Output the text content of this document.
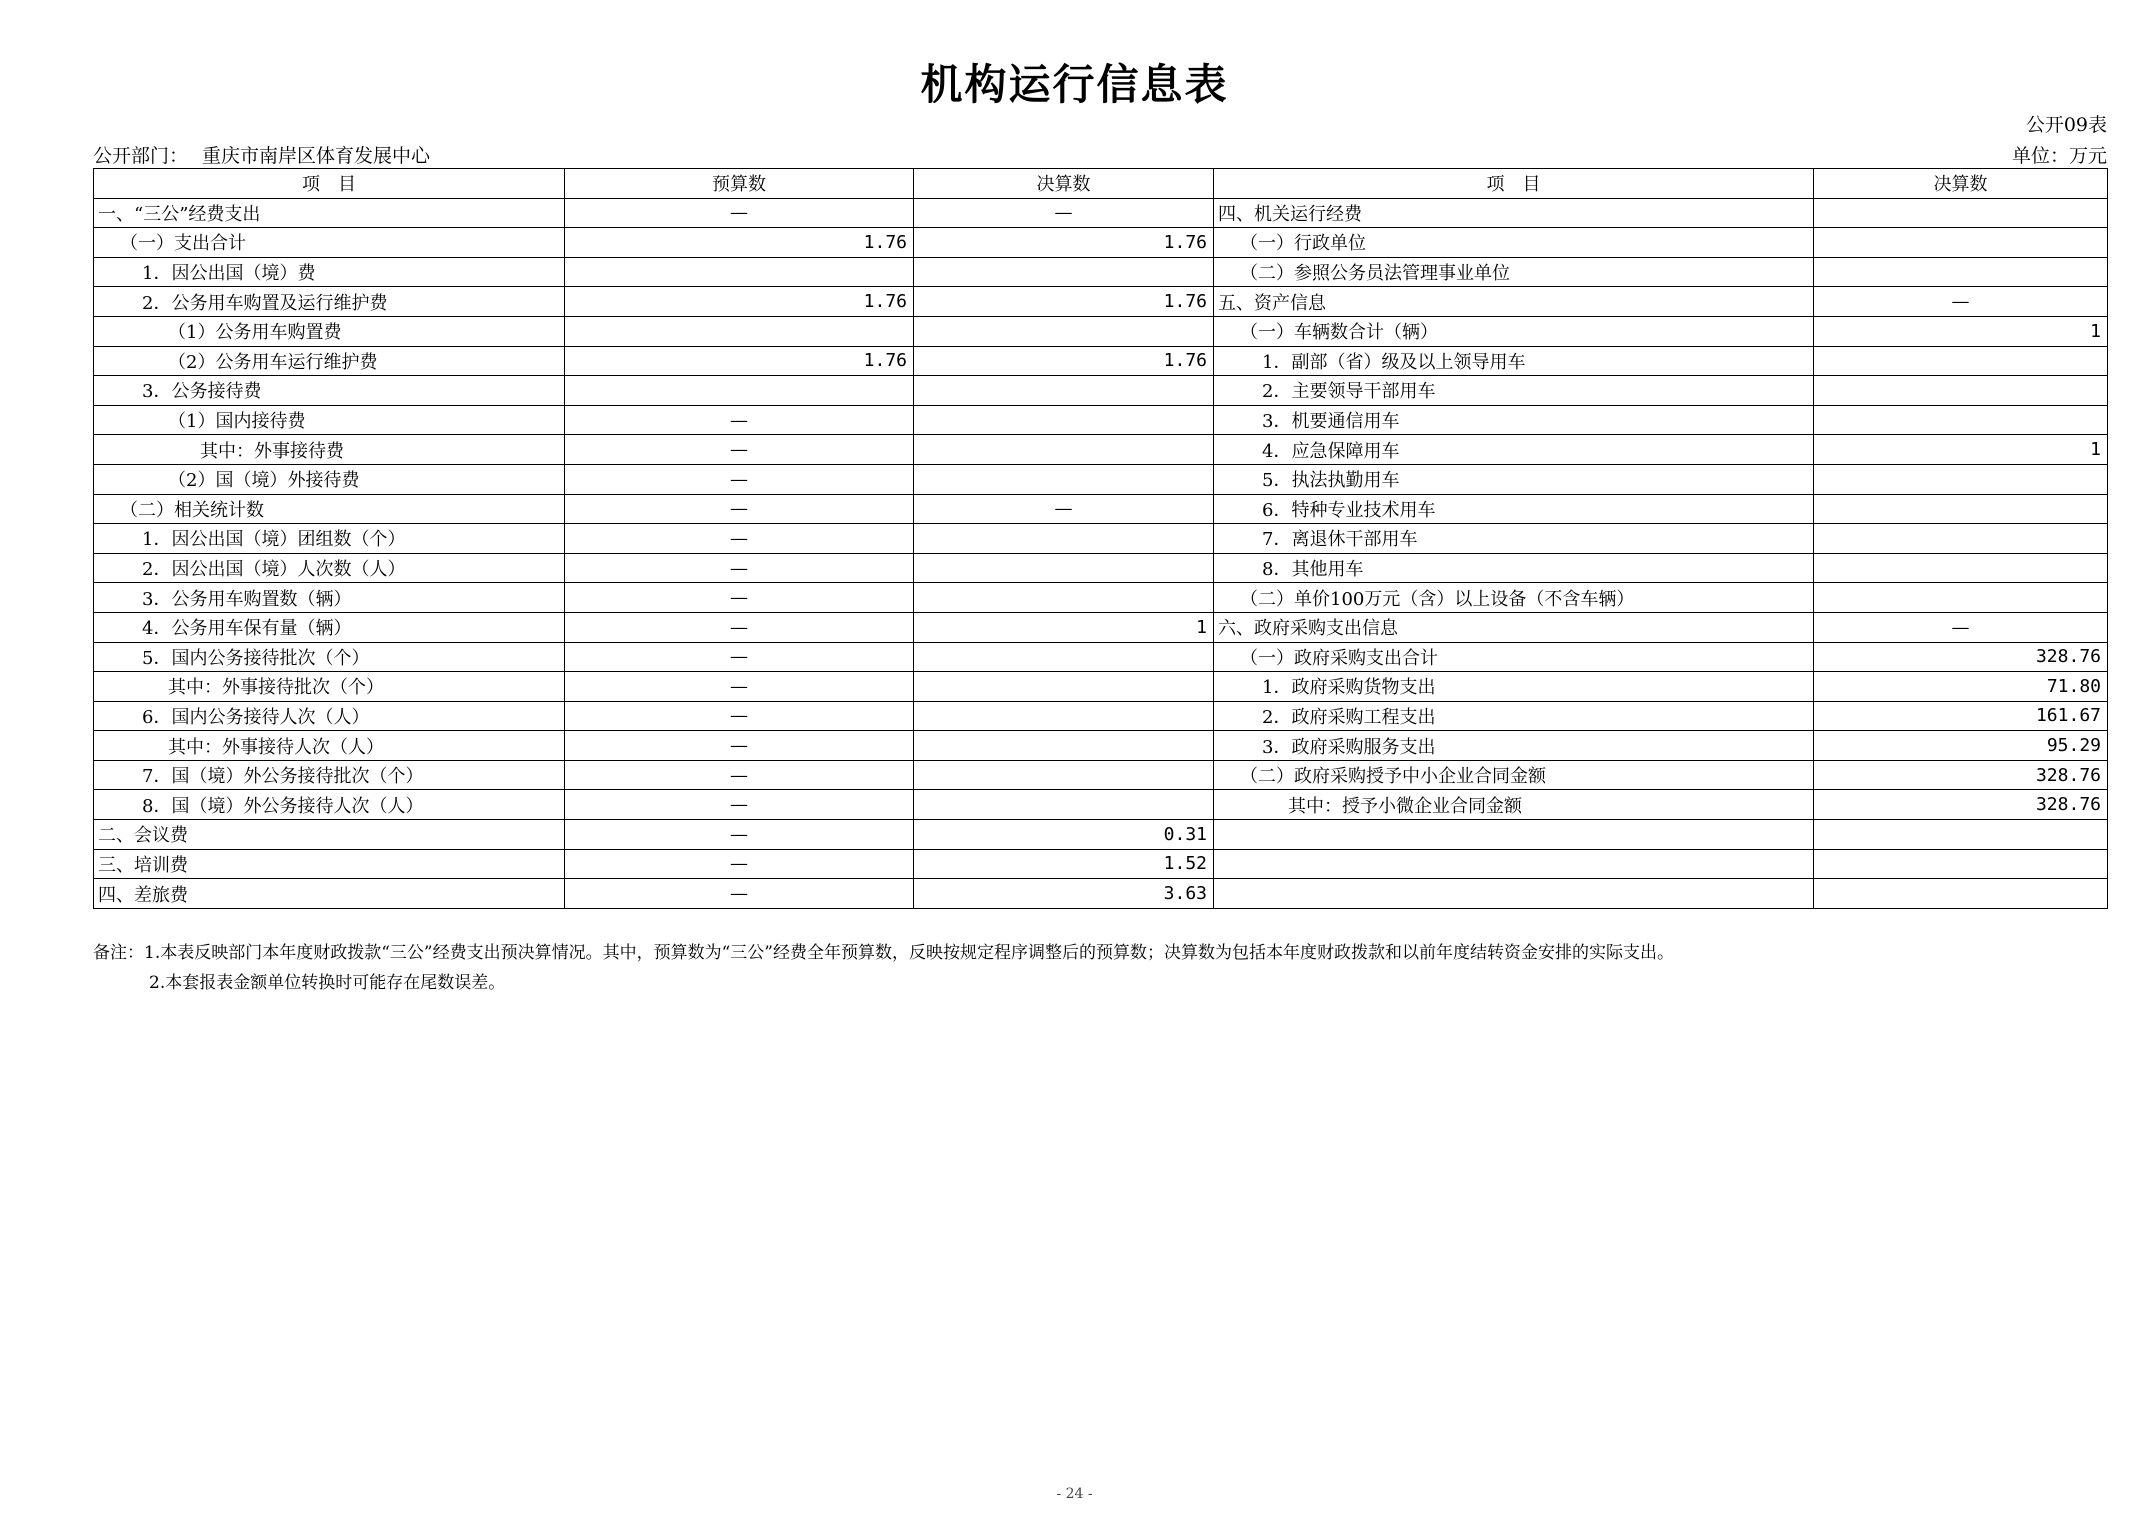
机构运行信息表
公开09表
公开部门： 重庆市南岸区体育发展中心	单位：万元
项　目	预算数	决算数	项　目	决算数
一、“三公”经费支出	—	—	四、机关运行经费	
（一）支出合计	1.76	1.76	（一）行政单位	
1．因公出国（境）费			（二）参照公务员法管理事业单位	
2．公务用车购置及运行维护费	1.76	1.76	五、资产信息	—
（1）公务用车购置费			（一）车辆数合计（辆）	1
（2）公务用车运行维护费	1.76	1.76	1．副部（省）级及以上领导用车	
3．公务接待费			2．主要领导干部用车	
（1）国内接待费	—		3．机要通信用车	
其中：外事接待费	—		4．应急保障用车	1
（2）国（境）外接待费	—		5．执法执勤用车	
（二）相关统计数	—	—	6．特种专业技术用车	
1．因公出国（境）团组数（个）	—		7．离退休干部用车	
2．因公出国（境）人次数（人）	—		8．其他用车	
3．公务用车购置数（辆）	—		（二）单价100万元（含）以上设备（不含车辆）	
4．公务用车保有量（辆）	—	1	六、政府采购支出信息	—
5．国内公务接待批次（个）	—		（一）政府采购支出合计	328.76
其中：外事接待批次（个）	—		1．政府采购货物支出	71.80
6．国内公务接待人次（人）	—		2．政府采购工程支出	161.67
其中：外事接待人次（人）	—		3．政府采购服务支出	95.29
7．国（境）外公务接待批次（个）	—		（二）政府采购授予中小企业合同金额	328.76
8．国（境）外公务接待人次（人）	—		其中：授予小微企业合同金额	328.76
二、会议费	—	0.31		
三、培训费	—	1.52		
四、差旅费	—	3.63		
备注：1.本表反映部门本年度财政拨款“三公”经费支出预决算情况。其中，预算数为“三公”经费全年预算数，反映按规定程序调整后的预算数；决算数为包括本年度财政拨款和以前年度结转资金安排的实际支出。
2.本套报表金额单位转换时可能存在尾数误差。
- 24 -
